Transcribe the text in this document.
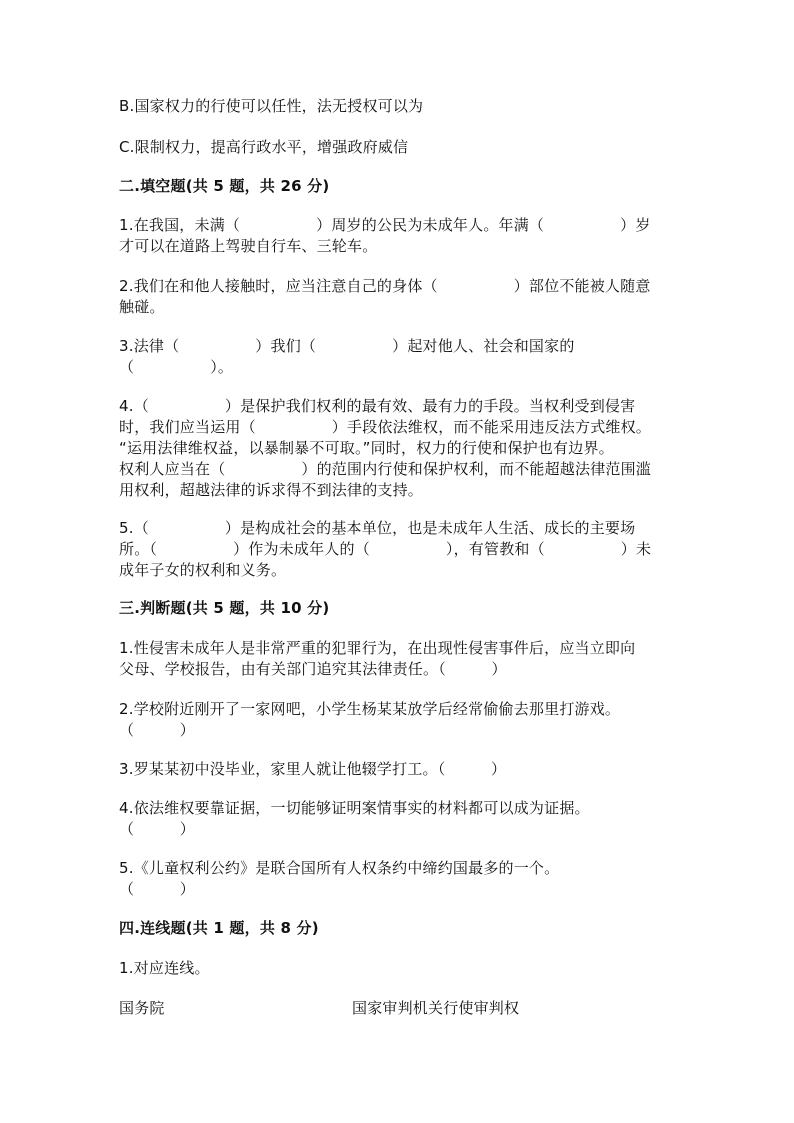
B.国家权力的行使可以任性，法无授权可以为

C.限制权力，提高行政水平，增强政府威信

二.填空题(共 5 题，共 26 分)

1.在我国，未满（　　　　　）周岁的公民为未成年人。年满（　　　　　）岁

才可以在道路上驾驶自行车、三轮车。

2.我们在和他人接触时，应当注意自己的身体（　　　　　）部位不能被人随意

触碰。

3.法律（　　　　　）我们（　　　　　）起对他人、社会和国家的

（　　　　　）。

4.（　　　　　）是保护我们权利的最有效、最有力的手段。当权利受到侵害

时，我们应当运用（　　　　　）手段依法维权，而不能采用违反法方式维权。

“运用法律维权益，以暴制暴不可取。”同时，权力的行使和保护也有边界。

权利人应当在（　　　　　）的范围内行使和保护权利，而不能超越法律范围滥

用权利，超越法律的诉求得不到法律的支持。

5.（　　　　　）是构成社会的基本单位，也是未成年人生活、成长的主要场

所。（　　　　　）作为未成年人的（　　　　　），有管教和（　　　　　）未

成年子女的权利和义务。

三.判断题(共 5 题，共 10 分)

1.性侵害未成年人是非常严重的犯罪行为，在出现性侵害事件后，应当立即向

父母、学校报告，由有关部门追究其法律责任。（　　　）

2.学校附近刚开了一家网吧，小学生杨某某放学后经常偷偷去那里打游戏。

（　　　）

3.罗某某初中没毕业，家里人就让他辍学打工。（　　　）

4.依法维权要靠证据，一切能够证明案情事实的材料都可以成为证据。

（　　　）

5.《儿童权利公约》是联合国所有人权条约中缔约国最多的一个。

（　　　）

四.连线题(共 1 题，共 8 分)

1.对应连线。

国务院	国家审判机关行使审判权
